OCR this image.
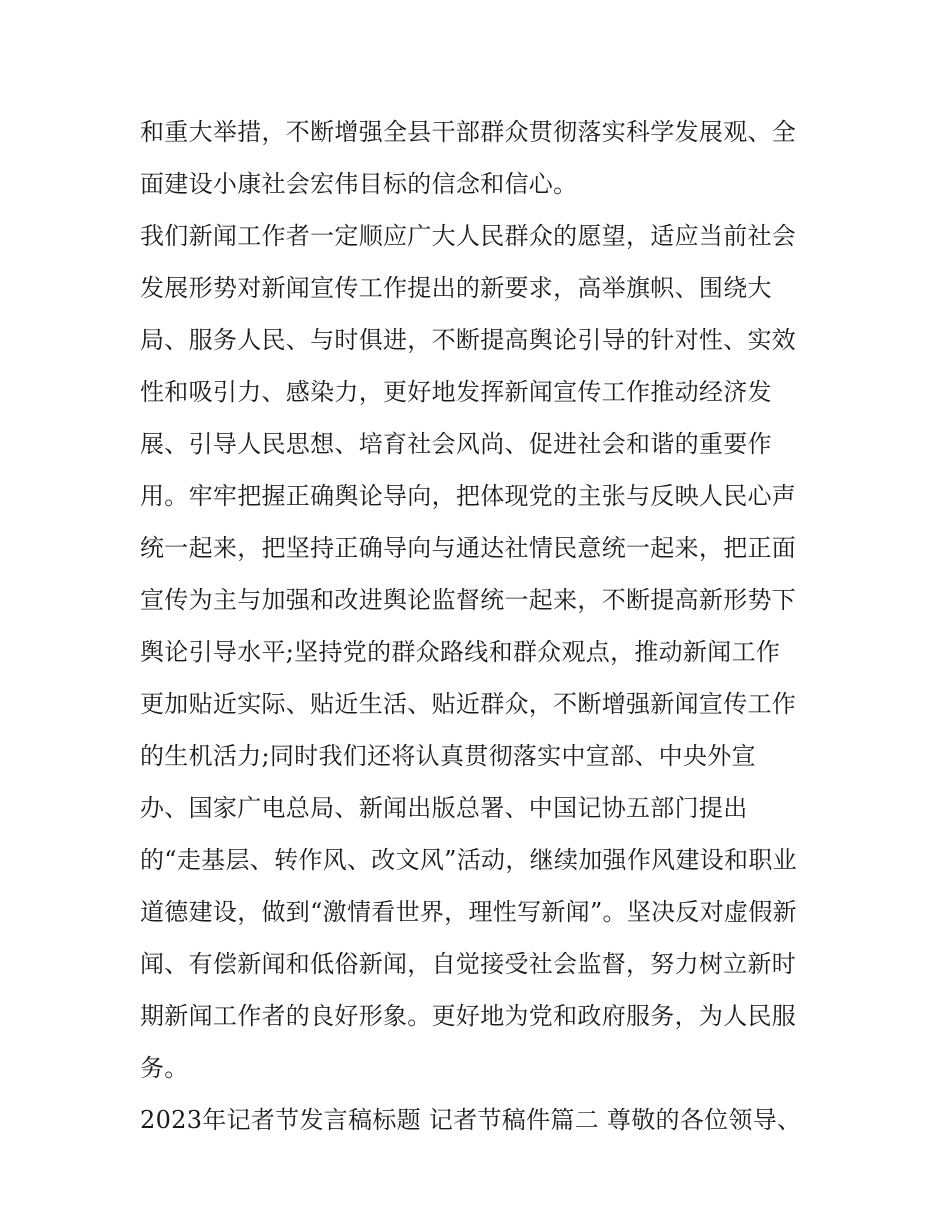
和重大举措，不断增强全县干部群众贯彻落实科学发展观、全
面建设小康社会宏伟目标的信念和信心。
我们新闻工作者一定顺应广大人民群众的愿望，适应当前社会
发展形势对新闻宣传工作提出的新要求，高举旗帜、围绕大
局、服务人民、与时俱进，不断提高舆论引导的针对性、实效
性和吸引力、感染力，更好地发挥新闻宣传工作推动经济发
展、引导人民思想、培育社会风尚、促进社会和谐的重要作
用。牢牢把握正确舆论导向，把体现党的主张与反映人民心声
统一起来，把坚持正确导向与通达社情民意统一起来，把正面
宣传为主与加强和改进舆论监督统一起来，不断提高新形势下
舆论引导水平;坚持党的群众路线和群众观点，推动新闻工作
更加贴近实际、贴近生活、贴近群众，不断增强新闻宣传工作
的生机活力;同时我们还将认真贯彻落实中宣部、中央外宣
办、国家广电总局、新闻出版总署、中国记协五部门提出
的“走基层、转作风、改文风”活动，继续加强作风建设和职业
道德建设，做到“激情看世界，理性写新闻”。坚决反对虚假新
闻、有偿新闻和低俗新闻，自觉接受社会监督，努力树立新时
期新闻工作者的良好形象。更好地为党和政府服务，为人民服
务。
2023年记者节发言稿标题 记者节稿件篇二 尊敬的各位领导、
